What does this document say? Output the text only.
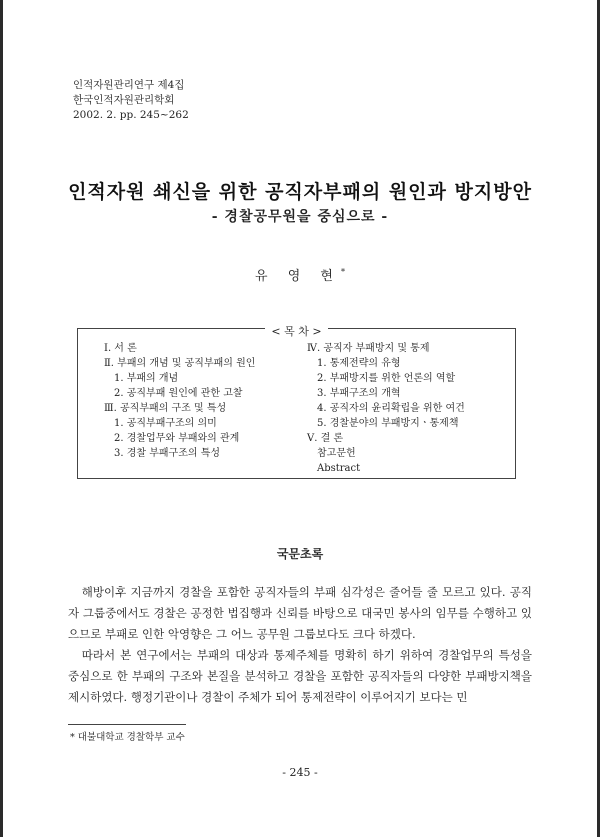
인적자원관리연구 제4집
한국인적자원관리학회
2002. 2. pp. 245~262
인적자원 쇄신을 위한 공직자부패의 원인과 방지방안
- 경찰공무원을 중심으로 -
유 영 현*
< 목 차 >
Ⅰ. 서 론
Ⅱ. 부패의 개념 및 공직부패의 원인
1. 부패의 개념
2. 공직부패 원인에 관한 고찰
Ⅲ. 공직부패의 구조 및 특성
1. 공직부패구조의 의미
2. 경찰업무와 부패와의 관계
3. 경찰 부패구조의 특성
Ⅳ. 공직자 부패방지 및 통제
1. 통제전략의 유형
2. 부패방지를 위한 언론의 역할
3. 부패구조의 개혁
4. 공직자의 윤리확립을 위한 여건
5. 경찰분야의 부패방지ㆍ통제책
Ⅴ. 결 론
참고문헌
Abstract
국문초록

해방이후 지금까지 경찰을 포함한 공직자들의 부패 심각성은 줄어들 줄 모르고 있다. 공직자 그룹중에서도 경찰은 공정한 법집행과 신뢰를 바탕으로 대국민 봉사의 임무를 수행하고 있으므로 부패로 인한 악영향은 그 어느 공무원 그룹보다도 크다 하겠다.

따라서 본 연구에서는 부패의 대상과 통제주체를 명확히 하기 위하여 경찰업무의 특성을 중심으로 한 부패의 구조와 본질을 분석하고 경찰을 포함한 공직자들의 다양한 부패방지책을 제시하였다. 행정기관이나 경찰이 주체가 되어 통제전략이 이루어지기 보다는 민

* 대불대학교 경찰학부 교수
- 245 -
